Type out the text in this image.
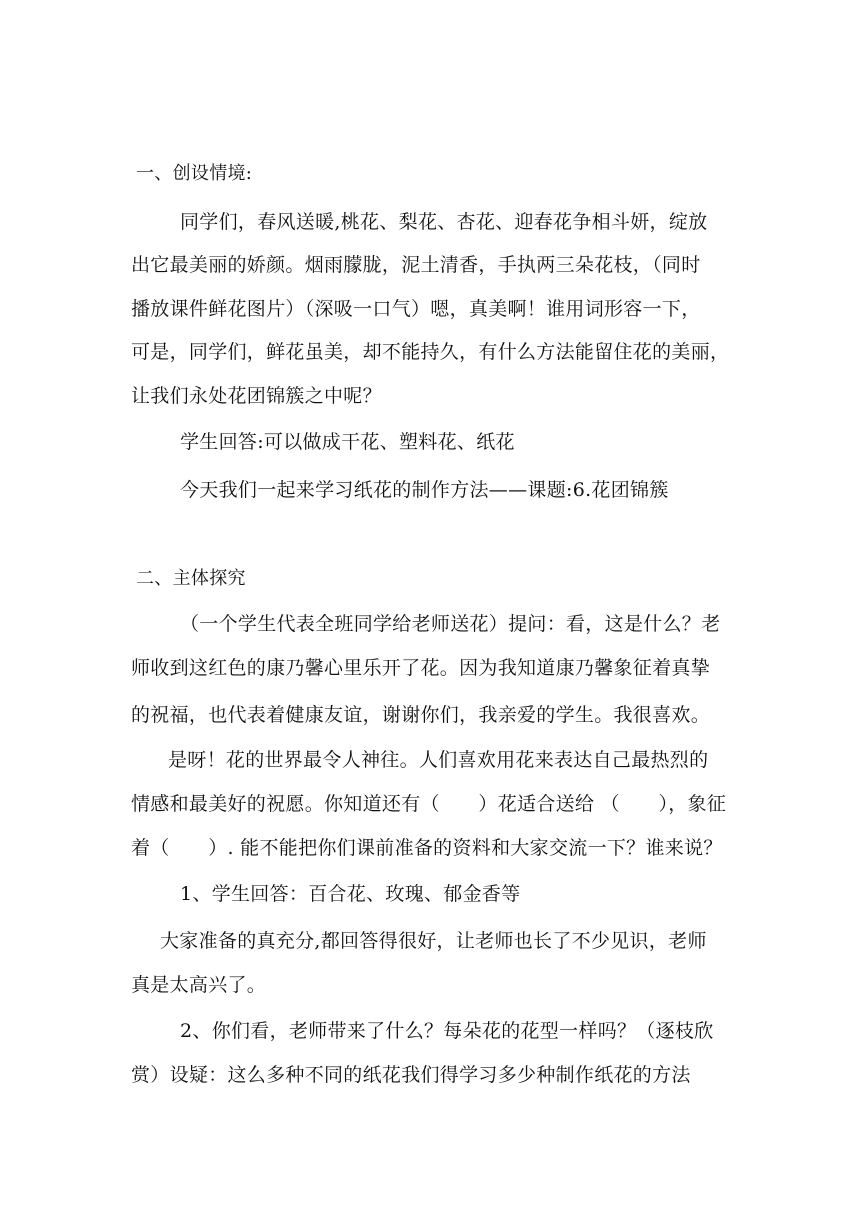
一、创设情境:
同学们，春风送暖,桃花、梨花、杏花、迎春花争相斗妍，绽放
出它最美丽的娇颜。烟雨朦胧，泥土清香，手执两三朵花枝，（同时
播放课件鲜花图片）（深吸一口气）嗯，真美啊！谁用词形容一下，
可是，同学们，鲜花虽美，却不能持久，有什么方法能留住花的美丽，
让我们永处花团锦簇之中呢？
学生回答:可以做成干花、塑料花、纸花
今天我们一起来学习纸花的制作方法——课题:6.花团锦簇
二、主体探究
（一个学生代表全班同学给老师送花）提问：看，这是什么？老
师收到这红色的康乃馨心里乐开了花。因为我知道康乃馨象征着真挚
的祝福，也代表着健康友谊，谢谢你们，我亲爱的学生。我很喜欢。
是呀！花的世界最令人神往。人们喜欢用花来表达自己最热烈的
情感和最美好的祝愿。你知道还有（　　）花适合送给 （　　），象征
着（　　）. 能不能把你们课前准备的资料和大家交流一下？谁来说？
1、学生回答：百合花、玫瑰、郁金香等
大家准备的真充分,都回答得很好，让老师也长了不少见识，老师
真是太高兴了。
2、你们看，老师带来了什么？每朵花的花型一样吗？（逐枝欣
赏）设疑：这么多种不同的纸花我们得学习多少种制作纸花的方法
